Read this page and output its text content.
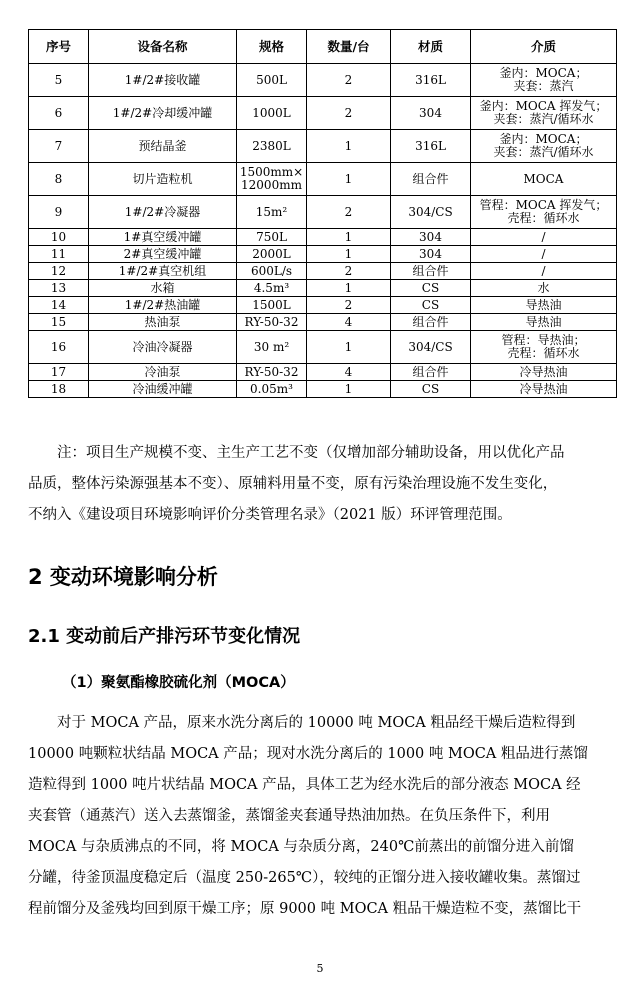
序号	设备名称	规格	数量/台	材质	介质
5	1#/2#接收罐	500L	2	316L	釜内：MOCA；
夹套：蒸汽

6	1#/2#冷却缓冲罐	1000L	2	304	釜内：MOCA 挥发气；
夹套：蒸汽/循环水

7	预结晶釜	2380L	1	316L	釜内：MOCA；
夹套：蒸汽/循环水

8	切片造粒机	1500mm×
12000mm	1	组合件	MOCA

9	1#/2#冷凝器	15m²	2	304/CS	管程：MOCA 挥发气；
壳程：循环水

10	1#真空缓冲罐	750L	1	304	/

11	2#真空缓冲罐	2000L	1	304	/

12	1#/2#真空机组	600L/s	2	组合件	/

13	水箱	4.5m³	1	CS	水

14	1#/2#热油罐	1500L	2	CS	导热油

15	热油泵	RY-50-32	4	组合件	导热油

16	冷油冷凝器	30 m²	1	304/CS	管程：导热油；
壳程：循环水

17	冷油泵	RY-50-32	4	组合件	冷导热油

18	冷油缓冲罐	0.05m³	1	CS	冷导热油
注：项目生产规模不变、主生产工艺不变（仅增加部分辅助设备，用以优化产品
品质，整体污染源强基本不变）、原辅料用量不变，原有污染治理设施不发生变化，
不纳入《建设项目环境影响评价分类管理名录》（2021 版）环评管理范围。
2 变动环境影响分析
2.1 变动前后产排污环节变化情况
（1）聚氨酯橡胶硫化剂（MOCA）
对于 MOCA 产品，原来水洗分离后的 10000 吨 MOCA 粗品经干燥后造粒得到
10000 吨颗粒状结晶 MOCA 产品；现对水洗分离后的 1000 吨 MOCA 粗品进行蒸馏
造粒得到 1000 吨片状结晶 MOCA 产品，具体工艺为经水洗后的部分液态 MOCA 经
夹套管（通蒸汽）送入去蒸馏釜，蒸馏釜夹套通导热油加热。在负压条件下，利用
MOCA 与杂质沸点的不同，将 MOCA 与杂质分离，240℃前蒸出的前馏分进入前馏
分罐，待釜顶温度稳定后（温度 250-265℃），较纯的正馏分进入接收罐收集。蒸馏过
程前馏分及釜残均回到原干燥工序；原 9000 吨 MOCA 粗品干燥造粒不变，蒸馏比干
5
